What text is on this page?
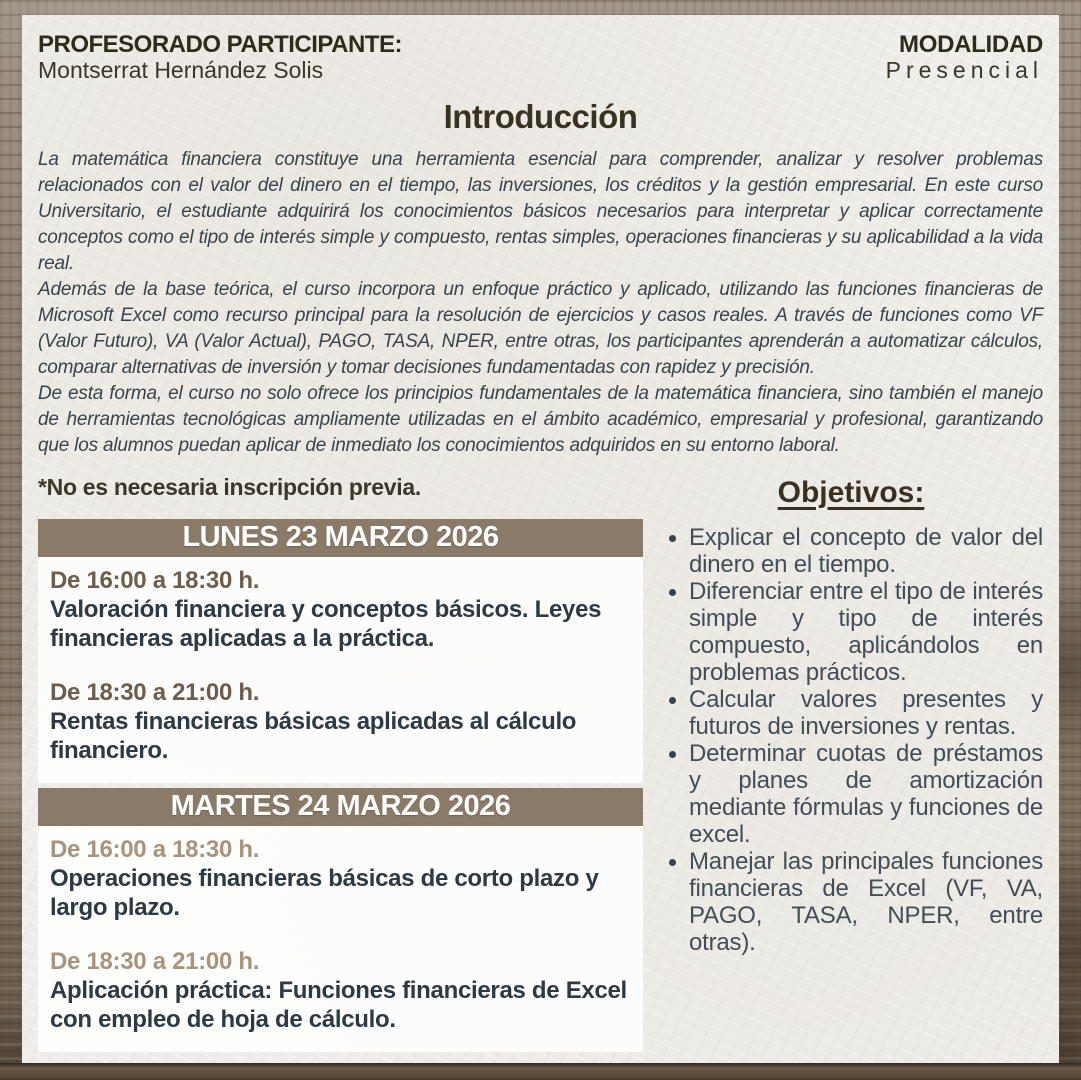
PROFESORADO PARTICIPANTE:
Montserrat Hernández Solis
MODALIDAD
Presencial
Introducción

La matemática financiera constituye una herramienta esencial para comprender, analizar y resolver problemas relacionados con el valor del dinero en el tiempo, las inversiones, los créditos y la gestión empresarial. En este curso Universitario, el estudiante adquirirá los conocimientos básicos necesarios para interpretar y aplicar correctamente conceptos como el tipo de interés simple y compuesto, rentas simples, operaciones financieras y su aplicabilidad a la vida real.

Además de la base teórica, el curso incorpora un enfoque práctico y aplicado, utilizando las funciones financieras de Microsoft Excel como recurso principal para la resolución de ejercicios y casos reales. A través de funciones como VF (Valor Futuro), VA (Valor Actual), PAGO, TASA, NPER, entre otras, los participantes aprenderán a automatizar cálculos, comparar alternativas de inversión y tomar decisiones fundamentadas con rapidez y precisión.

De esta forma, el curso no solo ofrece los principios fundamentales de la matemática financiera, sino también el manejo de herramientas tecnológicas ampliamente utilizadas en el ámbito académico, empresarial y profesional, garantizando que los alumnos puedan aplicar de inmediato los conocimientos adquiridos en su entorno laboral.

*No es necesaria inscripción previa.
LUNES 23 MARZO 2026
De 16:00 a 18:30 h.
Valoración financiera y conceptos básicos. Leyes financieras aplicadas a la práctica.
De 18:30 a 21:00 h.
Rentas financieras básicas aplicadas al cálculo financiero.
MARTES 24 MARZO 2026
De 16:00 a 18:30 h.
Operaciones financieras básicas de corto plazo y largo plazo.
De 18:30 a 21:00 h.
Aplicación práctica: Funciones financieras de Excel con empleo de hoja de cálculo.
Objetivos:
• Explicar el concepto de valor del dinero en el tiempo.
• Diferenciar entre el tipo de interés simple y tipo de interés compuesto, aplicándolos en problemas prácticos.
• Calcular valores presentes y futuros de inversiones y rentas.
• Determinar cuotas de préstamos y planes de amortización mediante fórmulas y funciones de excel.
• Manejar las principales funciones financieras de Excel (VF, VA, PAGO, TASA, NPER, entre otras).
